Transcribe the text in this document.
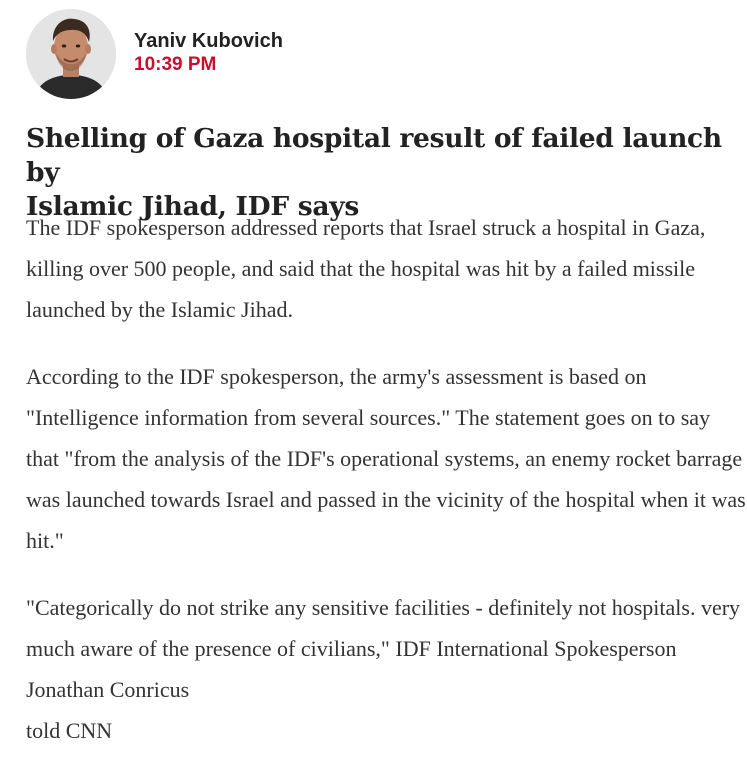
Yaniv Kubovich
10:39 PM
Shelling of Gaza hospital result of failed launch by
Islamic Jihad, IDF says

The IDF spokesperson addressed reports that Israel struck a hospital in Gaza, killing over 500 people, and said that the hospital was hit by a failed missile launched by the Islamic Jihad.

According to the IDF spokesperson, the army's assessment is based on "Intelligence information from several sources." The statement goes on to say that "from the analysis of the IDF's operational systems, an enemy rocket barrage was launched towards Israel and passed in the vicinity of the hospital when it was hit."

"Categorically do not strike any sensitive facilities - definitely not hospitals. very much aware of the presence of civilians," IDF International Spokesperson Jonathan Conricus
told CNN
